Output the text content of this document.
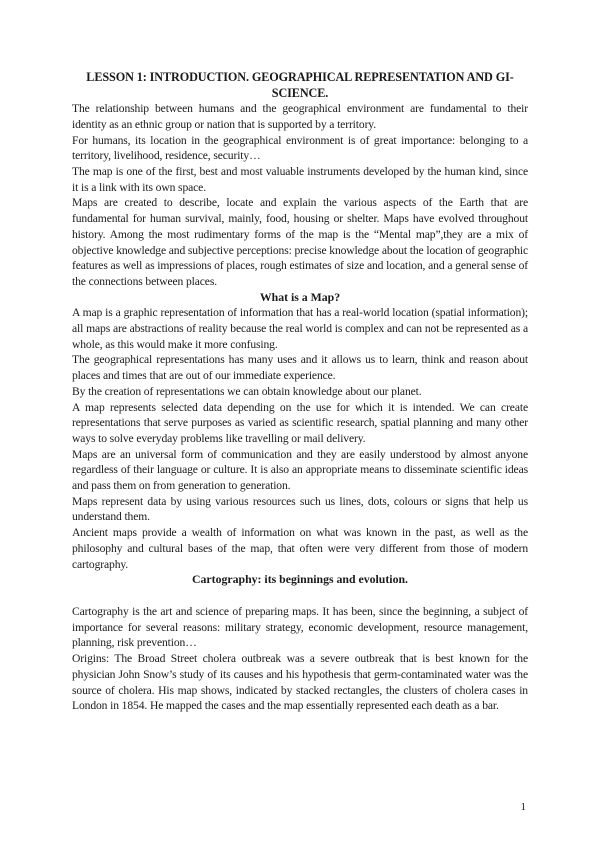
LESSON 1: INTRODUCTION. GEOGRAPHICAL REPRESENTATION AND GI-SCIENCE.

The relationship between humans and the geographical environment are fundamental to their identity as an ethnic group or nation that is supported by a territory.

For humans, its location in the geographical environment is of great importance: belonging to a territory, livelihood, residence, security…

The map is one of the first, best and most valuable instruments developed by the human kind, since it is a link with its own space.

Maps are created to describe, locate and explain the various aspects of the Earth that are fundamental for human survival, mainly, food, housing or shelter. Maps have evolved throughout history. Among the most rudimentary forms of the map is the “Mental map”,they are a mix of objective knowledge and subjective perceptions: precise knowledge about the location of geographic features as well as impressions of places, rough estimates of size and location, and a general sense of the connections between places.

What is a Map?

A map is a graphic representation of information that has a real-world location (spatial information); all maps are abstractions of reality because the real world is complex and can not be represented as a whole, as this would make it more confusing.

The geographical representations has many uses and it allows us to learn, think and reason about places and times that are out of our immediate experience.

By the creation of representations we can obtain knowledge about our planet.

A map represents selected data depending on the use for which it is intended. We can create representations that serve purposes as varied as scientific research, spatial planning and many other ways to solve everyday problems like travelling or mail delivery.

Maps are an universal form of communication and they are easily understood by almost anyone regardless of their language or culture. It is also an appropriate means to disseminate scientific ideas and pass them on from generation to generation.

Maps represent data by using various resources such us lines, dots, colours or signs that help us understand them.

Ancient maps provide a wealth of information on what was known in the past, as well as the philosophy and cultural bases of the map, that often were very different from those of modern cartography.

Cartography: its beginnings and evolution.

Cartography is the art and science of preparing maps. It has been, since the beginning, a subject of importance for several reasons: military strategy, economic development, resource management, planning, risk prevention…

Origins: The Broad Street cholera outbreak was a severe outbreak that is best known for the physician John Snow’s study of its causes and his hypothesis that germ-contaminated water was the source of cholera. His map shows, indicated by stacked rectangles, the clusters of cholera cases in London in 1854. He mapped the cases and the map essentially represented each death as a bar.

1
